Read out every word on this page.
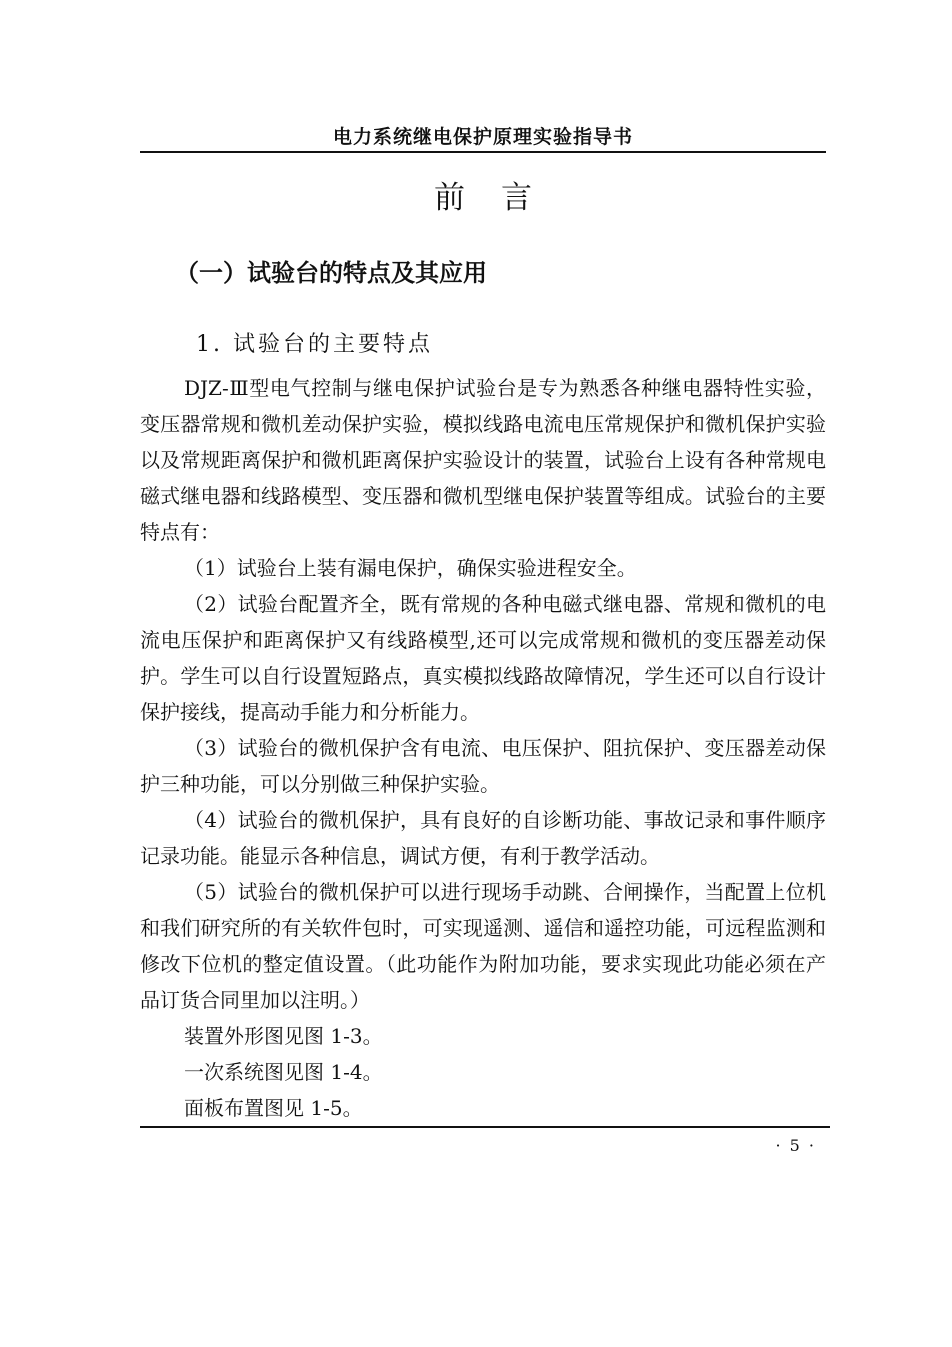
电力系统继电保护原理实验指导书
前言
（一）试验台的特点及其应用
1. 试验台的主要特点

DJZ-Ⅲ型电气控制与继电保护试验台是专为熟悉各种继电器特性实验，变压器常规和微机差动保护实验，模拟线路电流电压常规保护和微机保护实验以及常规距离保护和微机距离保护实验设计的装置，试验台上设有各种常规电磁式继电器和线路模型、变压器和微机型继电保护装置等组成。试验台的主要特点有：

（1）试验台上装有漏电保护，确保实验进程安全。

（2）试验台配置齐全，既有常规的各种电磁式继电器、常规和微机的电流电压保护和距离保护又有线路模型,还可以完成常规和微机的变压器差动保护。学生可以自行设置短路点，真实模拟线路故障情况，学生还可以自行设计保护接线，提高动手能力和分析能力。

（3）试验台的微机保护含有电流、电压保护、阻抗保护、变压器差动保护三种功能，可以分别做三种保护实验。

（4）试验台的微机保护，具有良好的自诊断功能、事故记录和事件顺序记录功能。能显示各种信息，调试方便，有利于教学活动。

（5）试验台的微机保护可以进行现场手动跳、合闸操作，当配置上位机和我们研究所的有关软件包时，可实现遥测、遥信和遥控功能，可远程监测和修改下位机的整定值设置。（此功能作为附加功能，要求实现此功能必须在产品订货合同里加以注明。）

装置外形图见图 1-3。

一次系统图见图 1-4。

面板布置图见 1-5。

· 5 ·
